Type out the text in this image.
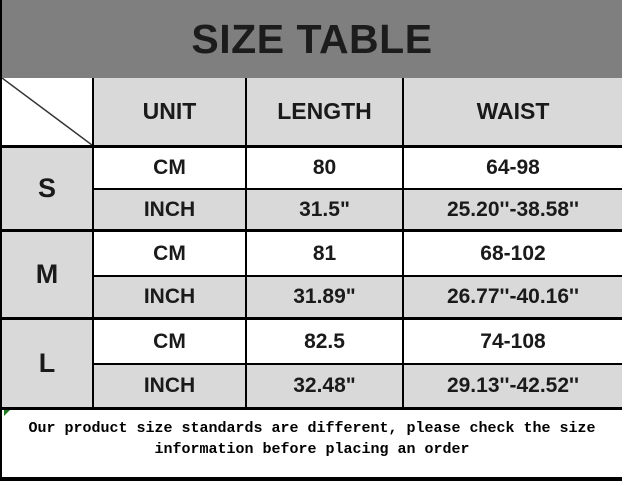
SIZE TABLE
UNIT	LENGTH	WAIST
S
CM	80	64-98
INCH	31.5"	25.20''-38.58''
M
CM	81	68-102
INCH	31.89"	26.77''-40.16''
L
CM	82.5	74-108
INCH	32.48"	29.13''-42.52''
Our product size standards are different, please check the size
information before placing an order
